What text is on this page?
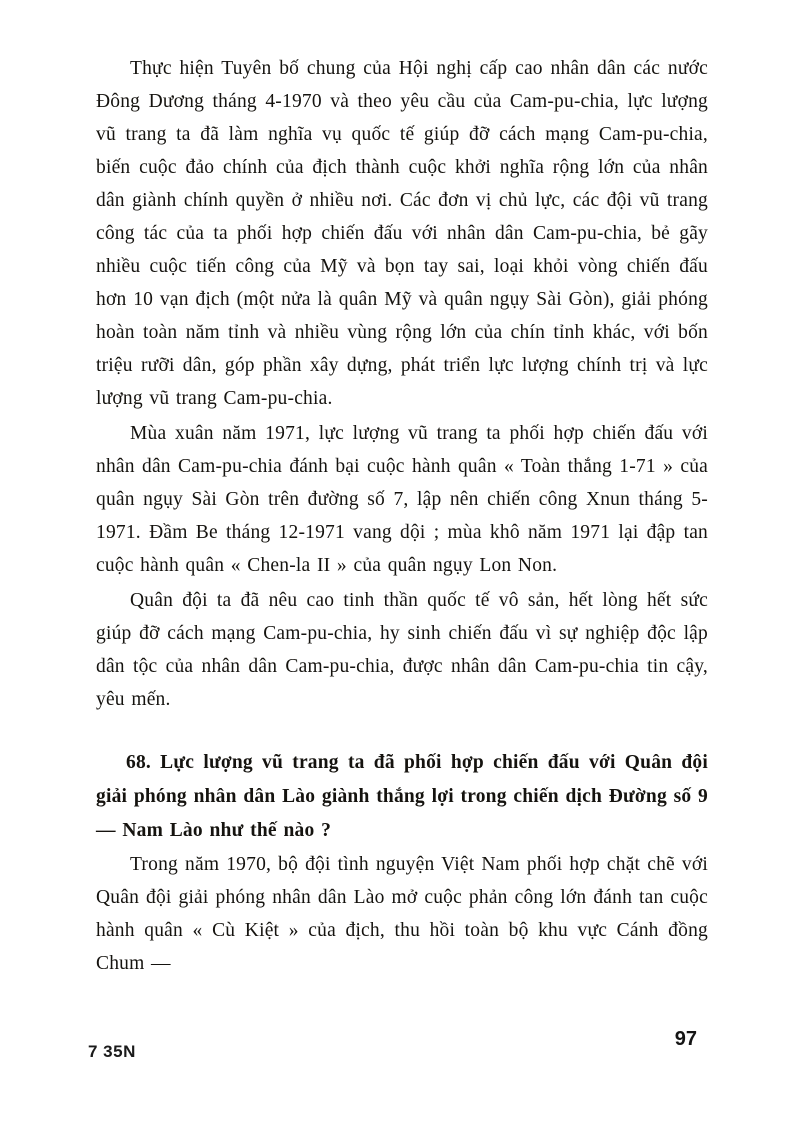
Thực hiện Tuyên bố chung của Hội nghị cấp cao nhân dân các nước Đông Dương tháng 4-1970 và theo yêu cầu của Cam-pu-chia, lực lượng vũ trang ta đã làm nghĩa vụ quốc tế giúp đỡ cách mạng Cam-pu-chia, biến cuộc đảo chính của địch thành cuộc khởi nghĩa rộng lớn của nhân dân giành chính quyền ở nhiều nơi. Các đơn vị chủ lực, các đội vũ trang công tác của ta phối hợp chiến đấu với nhân dân Cam-pu-chia, bẻ gãy nhiều cuộc tiến công của Mỹ và bọn tay sai, loại khỏi vòng chiến đấu hơn 10 vạn địch (một nửa là quân Mỹ và quân ngụy Sài Gòn), giải phóng hoàn toàn năm tỉnh và nhiều vùng rộng lớn của chín tỉnh khác, với bốn triệu rưỡi dân, góp phần xây dựng, phát triển lực lượng chính trị và lực lượng vũ trang Cam-pu-chia.

Mùa xuân năm 1971, lực lượng vũ trang ta phối hợp chiến đấu với nhân dân Cam-pu-chia đánh bại cuộc hành quân « Toàn thắng 1-71 » của quân ngụy Sài Gòn trên đường số 7, lập nên chiến công Xnun tháng 5-1971. Đầm Be tháng 12-1971 vang dội ; mùa khô năm 1971 lại đập tan cuộc hành quân « Chen-la II » của quân ngụy Lon Non.

Quân đội ta đã nêu cao tinh thần quốc tế vô sản, hết lòng hết sức giúp đỡ cách mạng Cam-pu-chia, hy sinh chiến đấu vì sự nghiệp độc lập dân tộc của nhân dân Cam-pu-chia, được nhân dân Cam-pu-chia tin cậy, yêu mến.

68. Lực lượng vũ trang ta đã phối hợp chiến đấu với Quân đội giải phóng nhân dân Lào giành thắng lợi trong chiến dịch Đường số 9 — Nam Lào như thế nào ?

Trong năm 1970, bộ đội tình nguyện Việt Nam phối hợp chặt chẽ với Quân đội giải phóng nhân dân Lào mở cuộc phản công lớn đánh tan cuộc hành quân « Cù Kiệt » của địch, thu hồi toàn bộ khu vực Cánh đồng Chum —

7 35N
97
